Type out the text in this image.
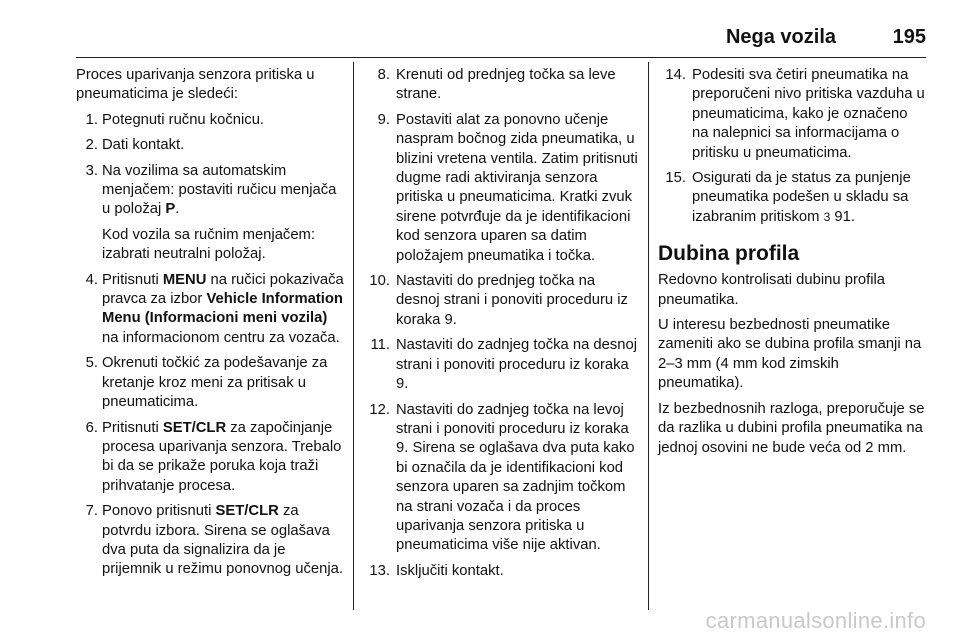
Nega vozila	195

Proces uparivanja senzora pritiska u pneumaticima je sledeći:

1. Potegnuti ručnu kočnicu.
2. Dati kontakt.
3. Na vozilima sa automatskim menjačem: postaviti ručicu menjača u položaj P.
Kod vozila sa ručnim menjačem: izabrati neutralni položaj.
4. Pritisnuti MENU na ručici pokazivača pravca za izbor Vehicle Information Menu (Informacioni meni vozila) na informacionom centru za vozača.
5. Okrenuti točkić za podešavanje za kretanje kroz meni za pritisak u pneumaticima.
6. Pritisnuti SET/CLR za započinjanje procesa uparivanja senzora. Trebalo bi da se prikaže poruka koja traži prihvatanje procesa.
7. Ponovo pritisnuti SET/CLR za potvrdu izbora. Sirena se oglašava dva puta da signalizira da je prijemnik u režimu ponovnog učenja.
8. Krenuti od prednjeg točka sa leve strane.
9. Postaviti alat za ponovno učenje naspram bočnog zida pneumatika, u blizini vretena ventila. Zatim pritisnuti dugme radi aktiviranja senzora pritiska u pneumaticima. Kratki zvuk sirene potvrđuje da je identifikacioni kod senzora uparen sa datim položajem pneumatika i točka.
10. Nastaviti do prednjeg točka na desnoj strani i ponoviti proceduru iz koraka 9.
11. Nastaviti do zadnjeg točka na desnoj strani i ponoviti proceduru iz koraka 9.
12. Nastaviti do zadnjeg točka na levoj strani i ponoviti proceduru iz koraka 9. Sirena se oglašava dva puta kako bi označila da je identifikacioni kod senzora uparen sa zadnjim točkom na strani vozača i da proces uparivanja senzora pritiska u pneumaticima više nije aktivan.
13. Isključiti kontakt.
14. Podesiti sva četiri pneumatika na preporučeni nivo pritiska vazduha u pneumaticima, kako je označeno na nalepnici sa informacijama o pritisku u pneumaticima.
15. Osigurati da je status za punjenje pneumatika podešen u skladu sa izabranim pritiskom 3 91.
Dubina profila

Redovno kontrolisati dubinu profila pneumatika.

U interesu bezbednosti pneumatike zameniti ako se dubina profila smanji na 2–3 mm (4 mm kod zimskih pneumatika).

Iz bezbednosnih razloga, preporučuje se da razlika u dubini profila pneumatika na jednoj osovini ne bude veća od 2 mm.

carmanualsonline.info
